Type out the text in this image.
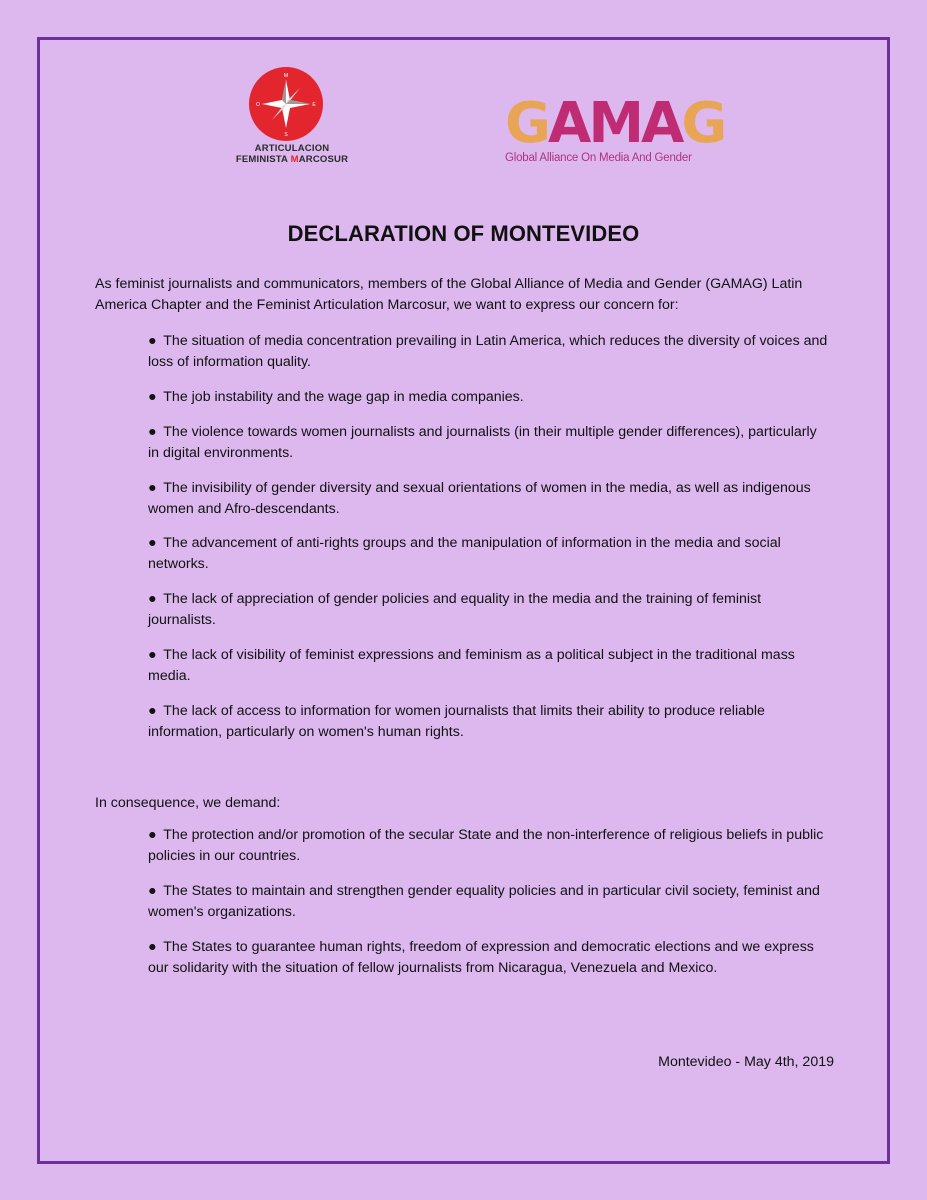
M
E
S
O
ARTICULACION
FEMINISTA MARCOSUR
GAMAG
Global Alliance On Media And Gender
DECLARATION OF MONTEVIDEO

As feminist journalists and communicators, members of the Global Alliance of Media and Gender (GAMAG) Latin America Chapter and the Feminist Articulation Marcosur, we want to express our concern for:

● The situation of media concentration prevailing in Latin America, which reduces the diversity of voices and loss of information quality.

● The job instability and the wage gap in media companies.

● The violence towards women journalists and journalists (in their multiple gender differences), particularly in digital environments.

● The invisibility of gender diversity and sexual orientations of women in the media, as well as indigenous women and Afro-descendants.

● The advancement of anti-rights groups and the manipulation of information in the media and social networks.

● The lack of appreciation of gender policies and equality in the media and the training of feminist journalists.

● The lack of visibility of feminist expressions and feminism as a political subject in the traditional mass media.

● The lack of access to information for women journalists that limits their ability to produce reliable information, particularly on women's human rights.

In consequence, we demand:

● The protection and/or promotion of the secular State and the non-interference of religious beliefs in public policies in our countries.

● The States to maintain and strengthen gender equality policies and in particular civil society, feminist and women's organizations.

● The States to guarantee human rights, freedom of expression and democratic elections and we express our solidarity with the situation of fellow journalists from Nicaragua, Venezuela and Mexico.

Montevideo - May 4th, 2019
